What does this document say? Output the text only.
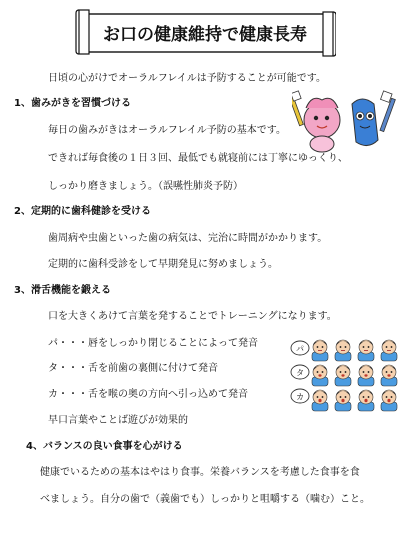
お口の健康維持で健康長寿
日頃の心がけでオーラルフレイルは予防することが可能です。
1、歯みがきを習慣づける
毎日の歯みがきはオーラルフレイル予防の基本です。
できれば毎食後の１日３回、最低でも就寝前には丁寧にゆっくり、
しっかり磨きましょう。（誤嚥性肺炎予防）
2、定期的に歯科健診を受ける
歯周病や虫歯といった歯の病気は、完治に時間がかかります。
定期的に歯科受診をして早期発見に努めましょう。
3、滑舌機能を鍛える
口を大きくあけて言葉を発することでトレーニングになります。
パ・・・唇をしっかり閉じることによって発音
タ・・・舌を前歯の裏側に付けて発音
カ・・・舌を喉の奥の方向へ引っ込めて発音
早口言葉やことば遊びが効果的
パ
タ
カ
4、バランスの良い食事を心がける
健康でいるための基本はやはり食事。栄養バランスを考慮した食事を食
べましょう。自分の歯で（義歯でも）しっかりと咀嚼する（噛む）こと。
